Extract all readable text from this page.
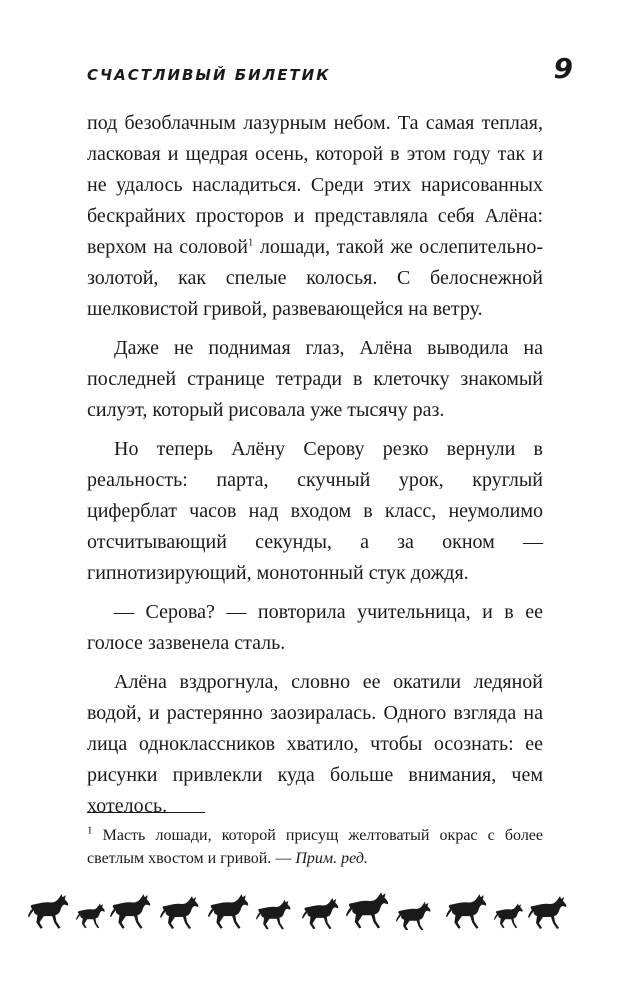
СЧАСТЛИВЫЙ БИЛЕТИК	9

под безоблачным лазурным небом. Та самая теплая, ласковая и щедрая осень, которой в этом году так и не удалось насладиться. Среди этих нарисованных бескрайних просторов и представляла себя Алёна: верхом на соловой$^1$ лошади, такой же ослепительно-золотой, как спелые колосья. С белоснежной шелковистой гривой, развевающейся на ветру.

Даже не поднимая глаз, Алёна выводила на последней странице тетради в клеточку знакомый силуэт, который рисовала уже тысячу раз.

Но теперь Алёну Серову резко вернули в реальность: парта, скучный урок, круглый циферблат часов над входом в класс, неумолимо отсчитывающий секунды, а за окном — гипнотизирующий, монотонный стук дождя.

— Серова? — повторила учительница, и в ее голосе зазвенела сталь.

Алёна вздрогнула, словно ее окатили ледяной водой, и растерянно заозиралась. Одного взгляда на лица одноклассников хватило, чтобы осознать: ее рисунки привлекли куда больше внимания, чем хотелось.

$^1$ Масть лошади, которой присущ желтоватый окрас с более светлым хвостом и гривой. — Прим. ред.
